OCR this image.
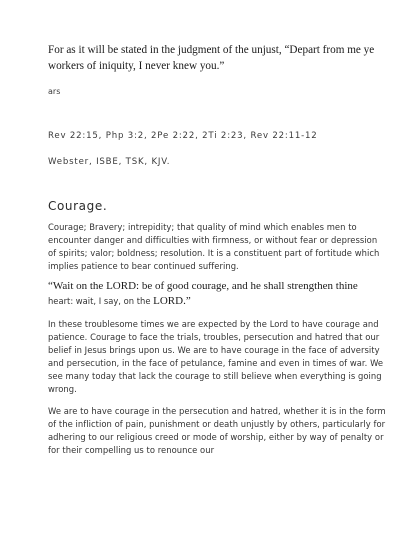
For as it will be stated in the judgment of the unjust, “Depart from me ye workers of iniquity, I never knew you.”

ars

Rev 22:15, Php 3:2, 2Pe 2:22, 2Ti 2:23, Rev 22:11-12

Webster, ISBE, TSK, KJV.

Courage.

Courage; Bravery; intrepidity; that quality of mind which enables men to encounter danger and difficulties with firmness, or without fear or depression of spirits; valor; boldness; resolution. It is a constituent part of fortitude which implies patience to bear continued suffering.

“Wait on the LORD: be of good courage, and he shall strengthen thine
heart: wait, I say, on the LORD.”

In these troublesome times we are expected by the Lord to have courage and patience. Courage to face the trials, troubles, persecution and hatred that our belief in Jesus brings upon us. We are to have courage in the face of adversity and persecution, in the face of petulance, famine and even in times of war. We see many today that lack the courage to still believe when everything is going wrong.

We are to have courage in the persecution and hatred, whether it is in the form of the infliction of pain, punishment or death unjustly by others, particularly for adhering to our religious creed or mode of worship, either by way of penalty or for their compelling us to renounce our
